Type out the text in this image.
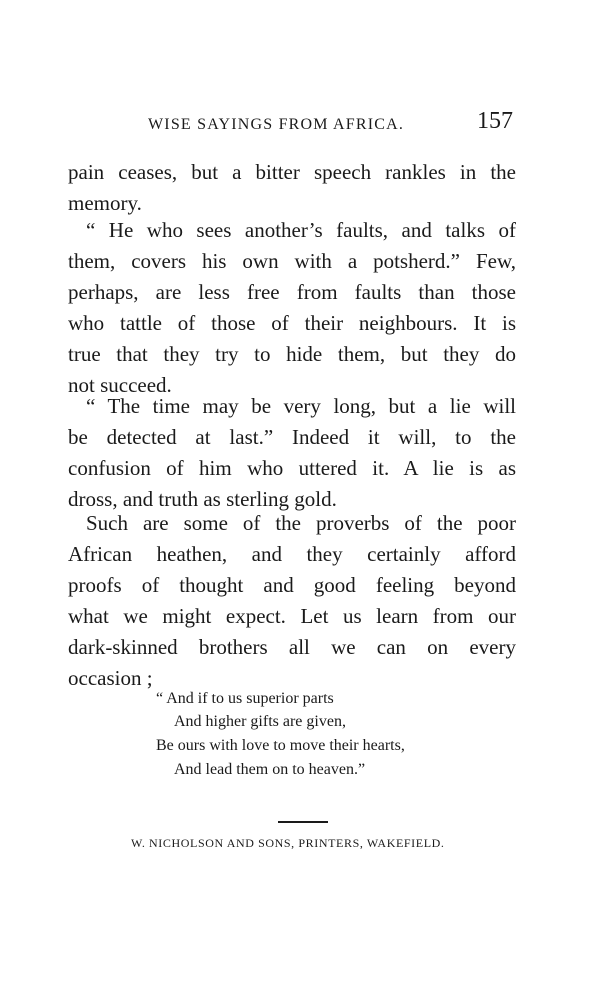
WISE SAYINGS FROM AFRICA.	157
pain ceases, but a bitter speech rankles in the
memory.
“ He who sees another’s faults, and talks of
them, covers his own with a potsherd.” Few,
perhaps, are less free from faults than those
who tattle of those of their neighbours. It is
true that they try to hide them, but they do
not succeed.
“ The time may be very long, but a lie will
be detected at last.” Indeed it will, to the
confusion of him who uttered it. A lie is as
dross, and truth as sterling gold.
Such are some of the proverbs of the poor
African heathen, and they certainly afford
proofs of thought and good feeling beyond
what we might expect. Let us learn from our
dark-skinned brothers all we can on every
occasion ;
“ And if to us superior parts
And higher gifts are given,
Be ours with love to move their hearts,
And lead them on to heaven.”
W. NICHOLSON AND SONS, PRINTERS, WAKEFIELD.
